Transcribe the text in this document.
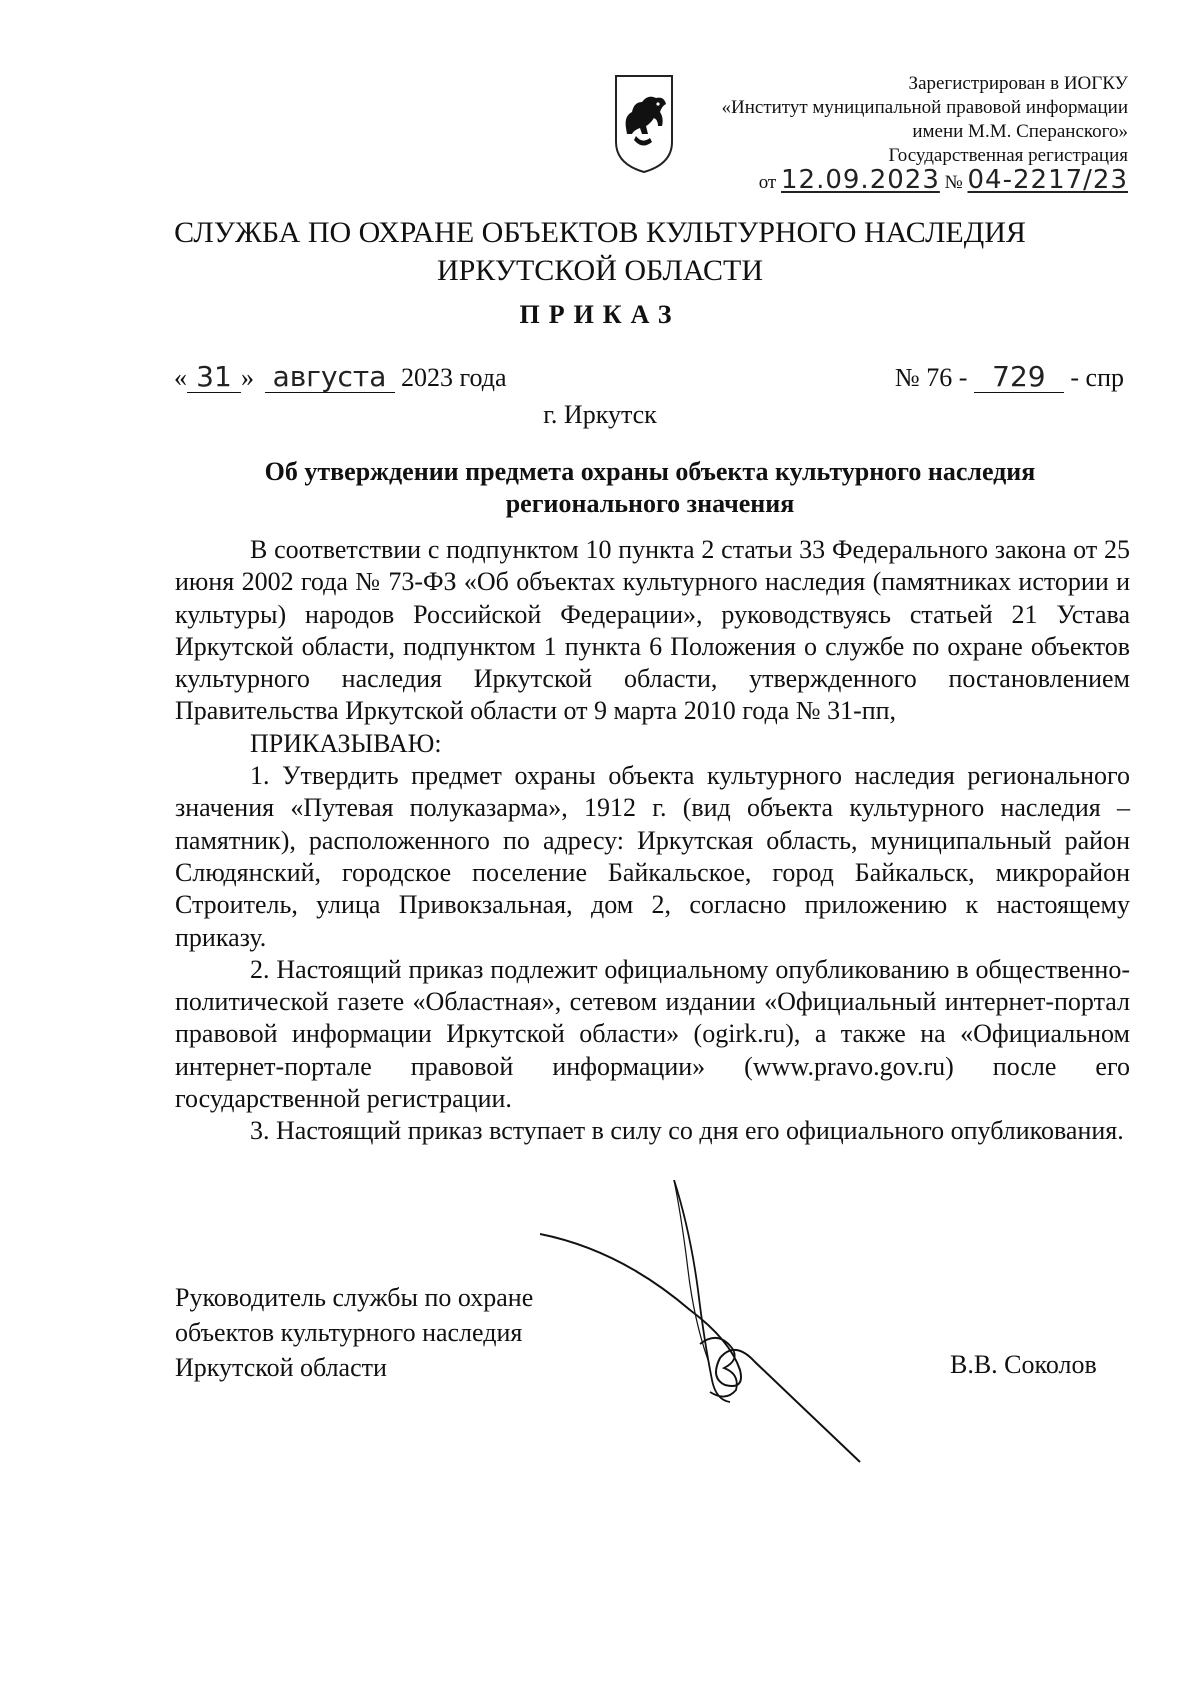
Зарегистрирован в ИОГКУ
«Институт муниципальной правовой информации
имени М.М. Сперанского»
Государственная регистрация
от 12.09.2023 № 04-2217/23
СЛУЖБА ПО ОХРАНЕ ОБЪЕКТОВ КУЛЬТУРНОГО НАСЛЕДИЯ
ИРКУТСКОЙ ОБЛАСТИ
ПРИКАЗ
« 31 » августа 2023 года	№ 76 - 729 - спр
г. Иркутск
Об утверждении предмета охраны объекта культурного наследия
регионального значения

В соответствии с подпунктом 10 пункта 2 статьи 33 Федерального закона от 25 июня 2002 года № 73-ФЗ «Об объектах культурного наследия (памятниках истории и культуры) народов Российской Федерации», руководствуясь статьей 21 Устава Иркутской области, подпунктом 1 пункта 6 Положения о службе по охране объектов культурного наследия Иркутской области, утвержденного постановлением Правительства Иркутской области от 9 марта 2010 года № 31-пп,

ПРИКАЗЫВАЮ:

1. Утвердить предмет охраны объекта культурного наследия регионального значения «Путевая полуказарма», 1912 г. (вид объекта культурного наследия – памятник), расположенного по адресу: Иркутская область, муниципальный район Слюдянский, городское поселение Байкальское, город Байкальск, микрорайон Строитель, улица Привокзальная, дом 2, согласно приложению к настоящему приказу.

2. Настоящий приказ подлежит официальному опубликованию в общественно-политической газете «Областная», сетевом издании «Официальный интернет-портал правовой информации Иркутской области» (ogirk.ru), а также на «Официальном интернет-портале правовой информации» (www.pravo.gov.ru) после его государственной регистрации.

3. Настоящий приказ вступает в силу со дня его официального опубликования.

Руководитель службы по охране
объектов культурного наследия
Иркутской области	В.В. Соколов
